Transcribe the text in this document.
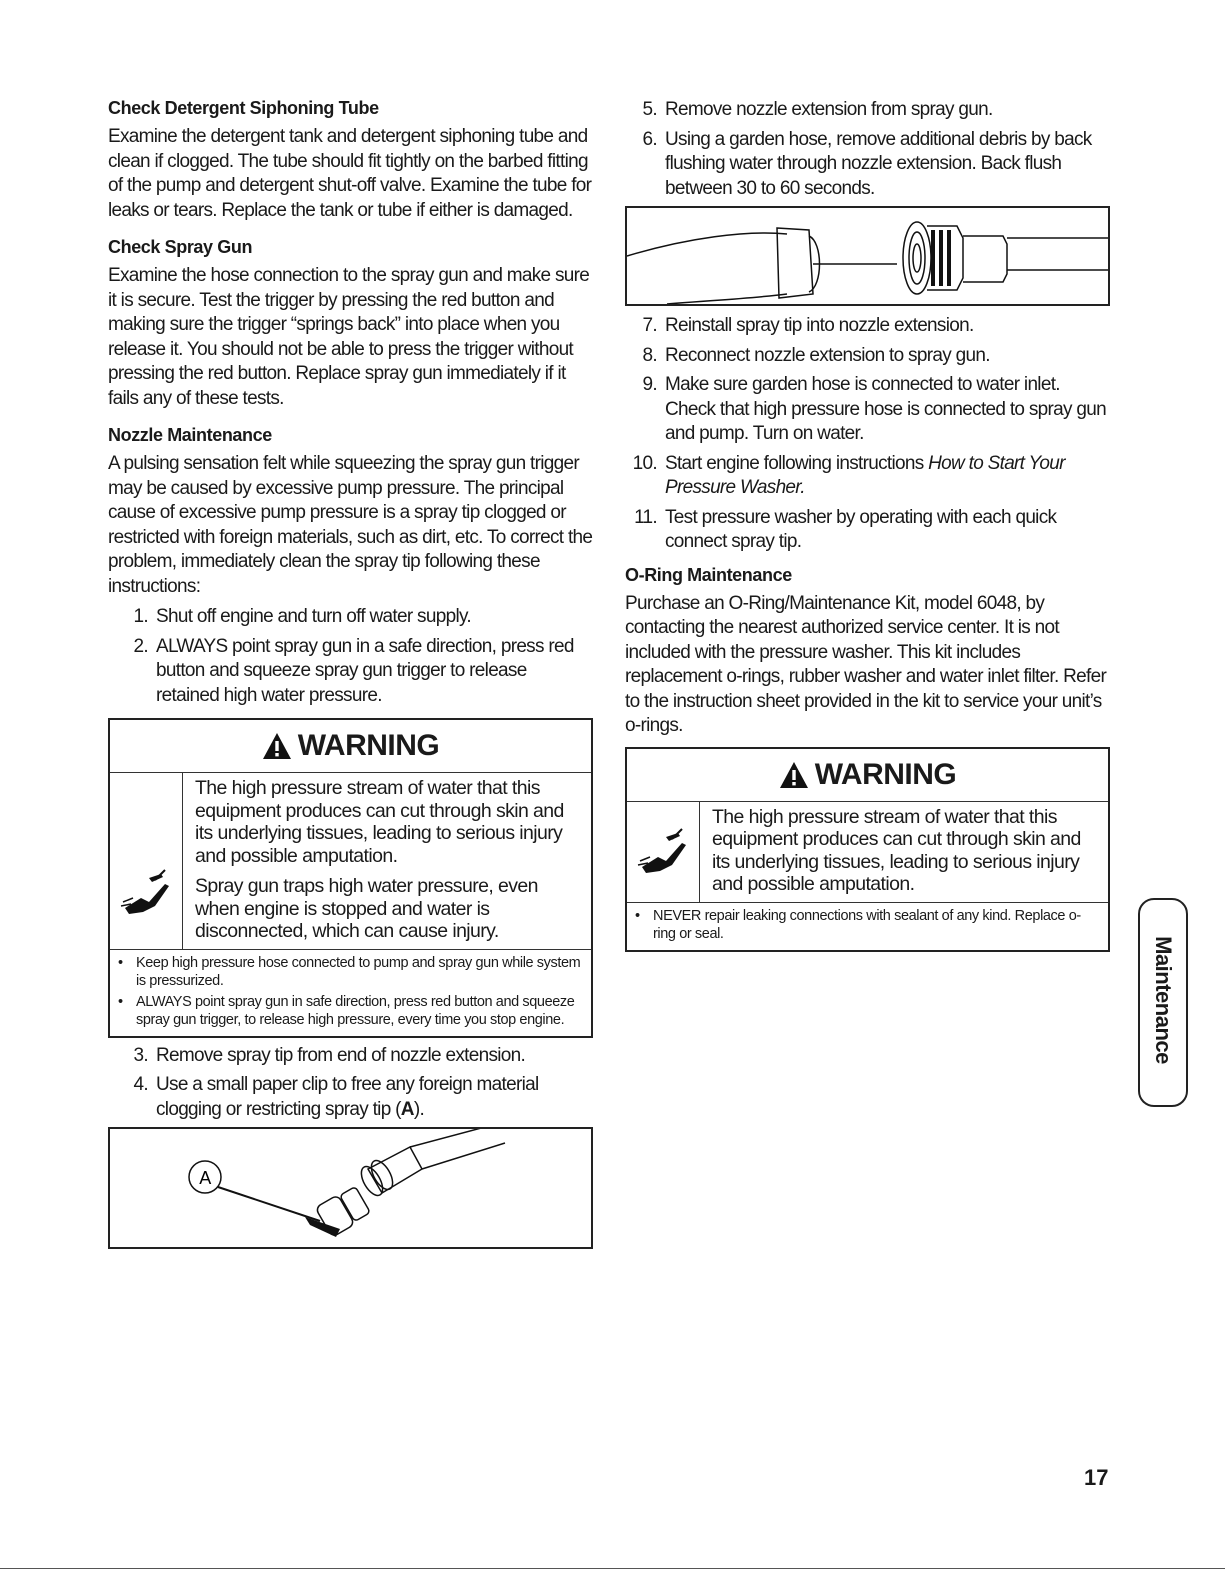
Check Detergent Siphoning Tube

Examine the detergent tank and detergent siphoning tube and clean if clogged. The tube should fit tightly on the barbed fitting of the pump and detergent shut-off valve. Examine the tube for leaks or tears. Replace the tank or tube if either is damaged.

Check Spray Gun

Examine the hose connection to the spray gun and make sure it is secure. Test the trigger by pressing the red button and making sure the trigger “springs back” into place when you release it. You should not be able to press the trigger without pressing the red button. Replace spray gun immediately if it fails any of these tests.

Nozzle Maintenance

A pulsing sensation felt while squeezing the spray gun trigger may be caused by excessive pump pressure. The principal cause of excessive pump pressure is a spray tip clogged or restricted with foreign materials, such as dirt, etc. To correct the problem, immediately clean the spray tip following these instructions:

1. Shut off engine and turn off water supply.
2. ALWAYS point spray gun in a safe direction, press red button and squeeze spray gun trigger to release retained high water pressure.
WARNING

The high pressure stream of water that this equipment produces can cut through skin and its underlying tissues, leading to serious injury and possible amputation.

Spray gun traps high water pressure, even when engine is stopped and water is disconnected, which can cause injury.

• Keep high pressure hose connected to pump and spray gun while system is pressurized.
• ALWAYS point spray gun in safe direction, press red button and squeeze spray gun trigger, to release high pressure, every time you stop engine.
3. Remove spray tip from end of nozzle extension.
4. Use a small paper clip to free any foreign material clogging or restricting spray tip (A).
A
5. Remove nozzle extension from spray gun.
6. Using a garden hose, remove additional debris by back flushing water through nozzle extension. Back flush between 30 to 60 seconds.
7. Reinstall spray tip into nozzle extension.
8. Reconnect nozzle extension to spray gun.
9. Make sure garden hose is connected to water inlet. Check that high pressure hose is connected to spray gun and pump. Turn on water.
10. Start engine following instructions How to Start Your Pressure Washer.
11. Test pressure washer by operating with each quick connect spray tip.
O-Ring Maintenance

Purchase an O-Ring/Maintenance Kit, model 6048, by contacting the nearest authorized service center. It is not included with the pressure washer. This kit includes replacement o-rings, rubber washer and water inlet filter. Refer to the instruction sheet provided in the kit to service your unit’s o-rings.

WARNING

The high pressure stream of water that this equipment produces can cut through skin and its underlying tissues, leading to serious injury and possible amputation.

• NEVER repair leaking connections with sealant of any kind. Replace o-ring or seal.
Maintenance
17
